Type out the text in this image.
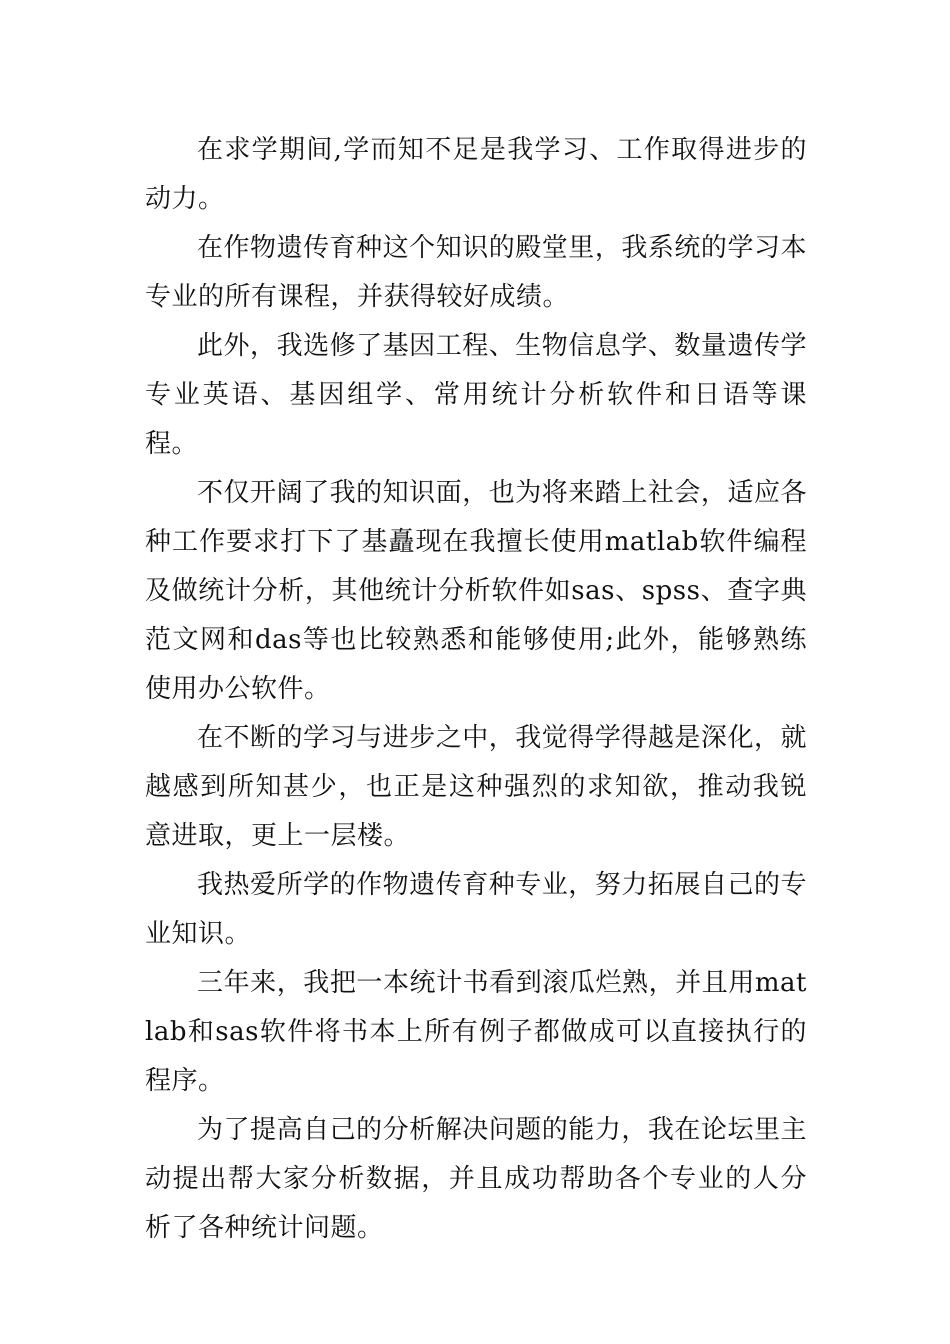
在求学期间,学而知不足是我学习、工作取得进步的动力。

在作物遗传育种这个知识的殿堂里，我系统的学习本专业的所有课程，并获得较好成绩。

此外，我选修了基因工程、生物信息学、数量遗传学专业英语、基因组学、常用统计分析软件和日语等课程。

不仅开阔了我的知识面，也为将来踏上社会，适应各种工作要求打下了基矗现在我擅长使用matlab软件编程及做统计分析，其他统计分析软件如sas、spss、查字典范文网和das等也比较熟悉和能够使用;此外，能够熟练使用办公软件。

在不断的学习与进步之中，我觉得学得越是深化，就越感到所知甚少，也正是这种强烈的求知欲，推动我锐意进取，更上一层楼。

我热爱所学的作物遗传育种专业，努力拓展自己的专业知识。

三年来，我把一本统计书看到滚瓜烂熟，并且用matlab和sas软件将书本上所有例子都做成可以直接执行的程序。

为了提高自己的分析解决问题的能力，我在论坛里主动提出帮大家分析数据，并且成功帮助各个专业的人分析了各种统计问题。
